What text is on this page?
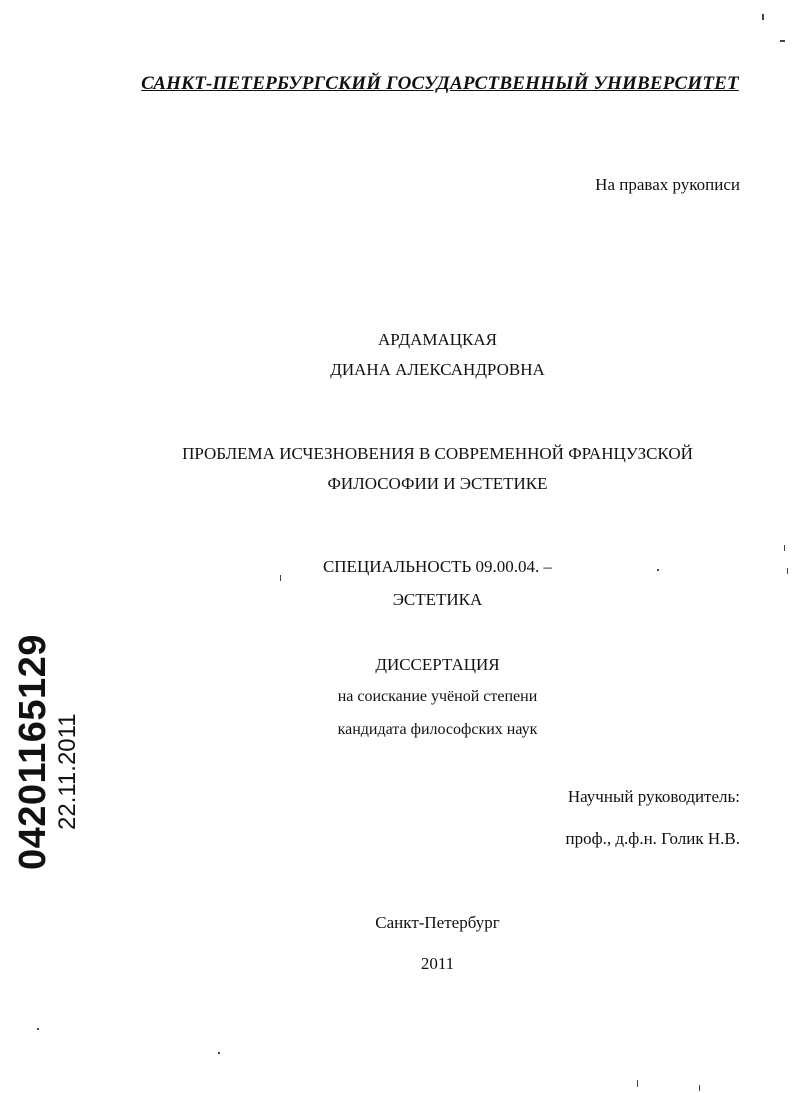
САНКТ-ПЕТЕРБУРГСКИЙ ГОСУДАРСТВЕННЫЙ УНИВЕРСИТЕТ
На правах рукописи
АРДАМАЦКАЯ
ДИАНА АЛЕКСАНДРОВНА
ПРОБЛЕМА ИСЧЕЗНОВЕНИЯ В СОВРЕМЕННОЙ ФРАНЦУЗСКОЙ
ФИЛОСОФИИ И ЭСТЕТИКЕ
СПЕЦИАЛЬНОСТЬ 09.00.04. –
ЭСТЕТИКА
ДИССЕРТАЦИЯ
на соискание учёной степени
кандидата философских наук
Научный руководитель:
проф., д.ф.н. Голик Н.В.
Санкт-Петербург
2011
04201165129 22.11.2011
